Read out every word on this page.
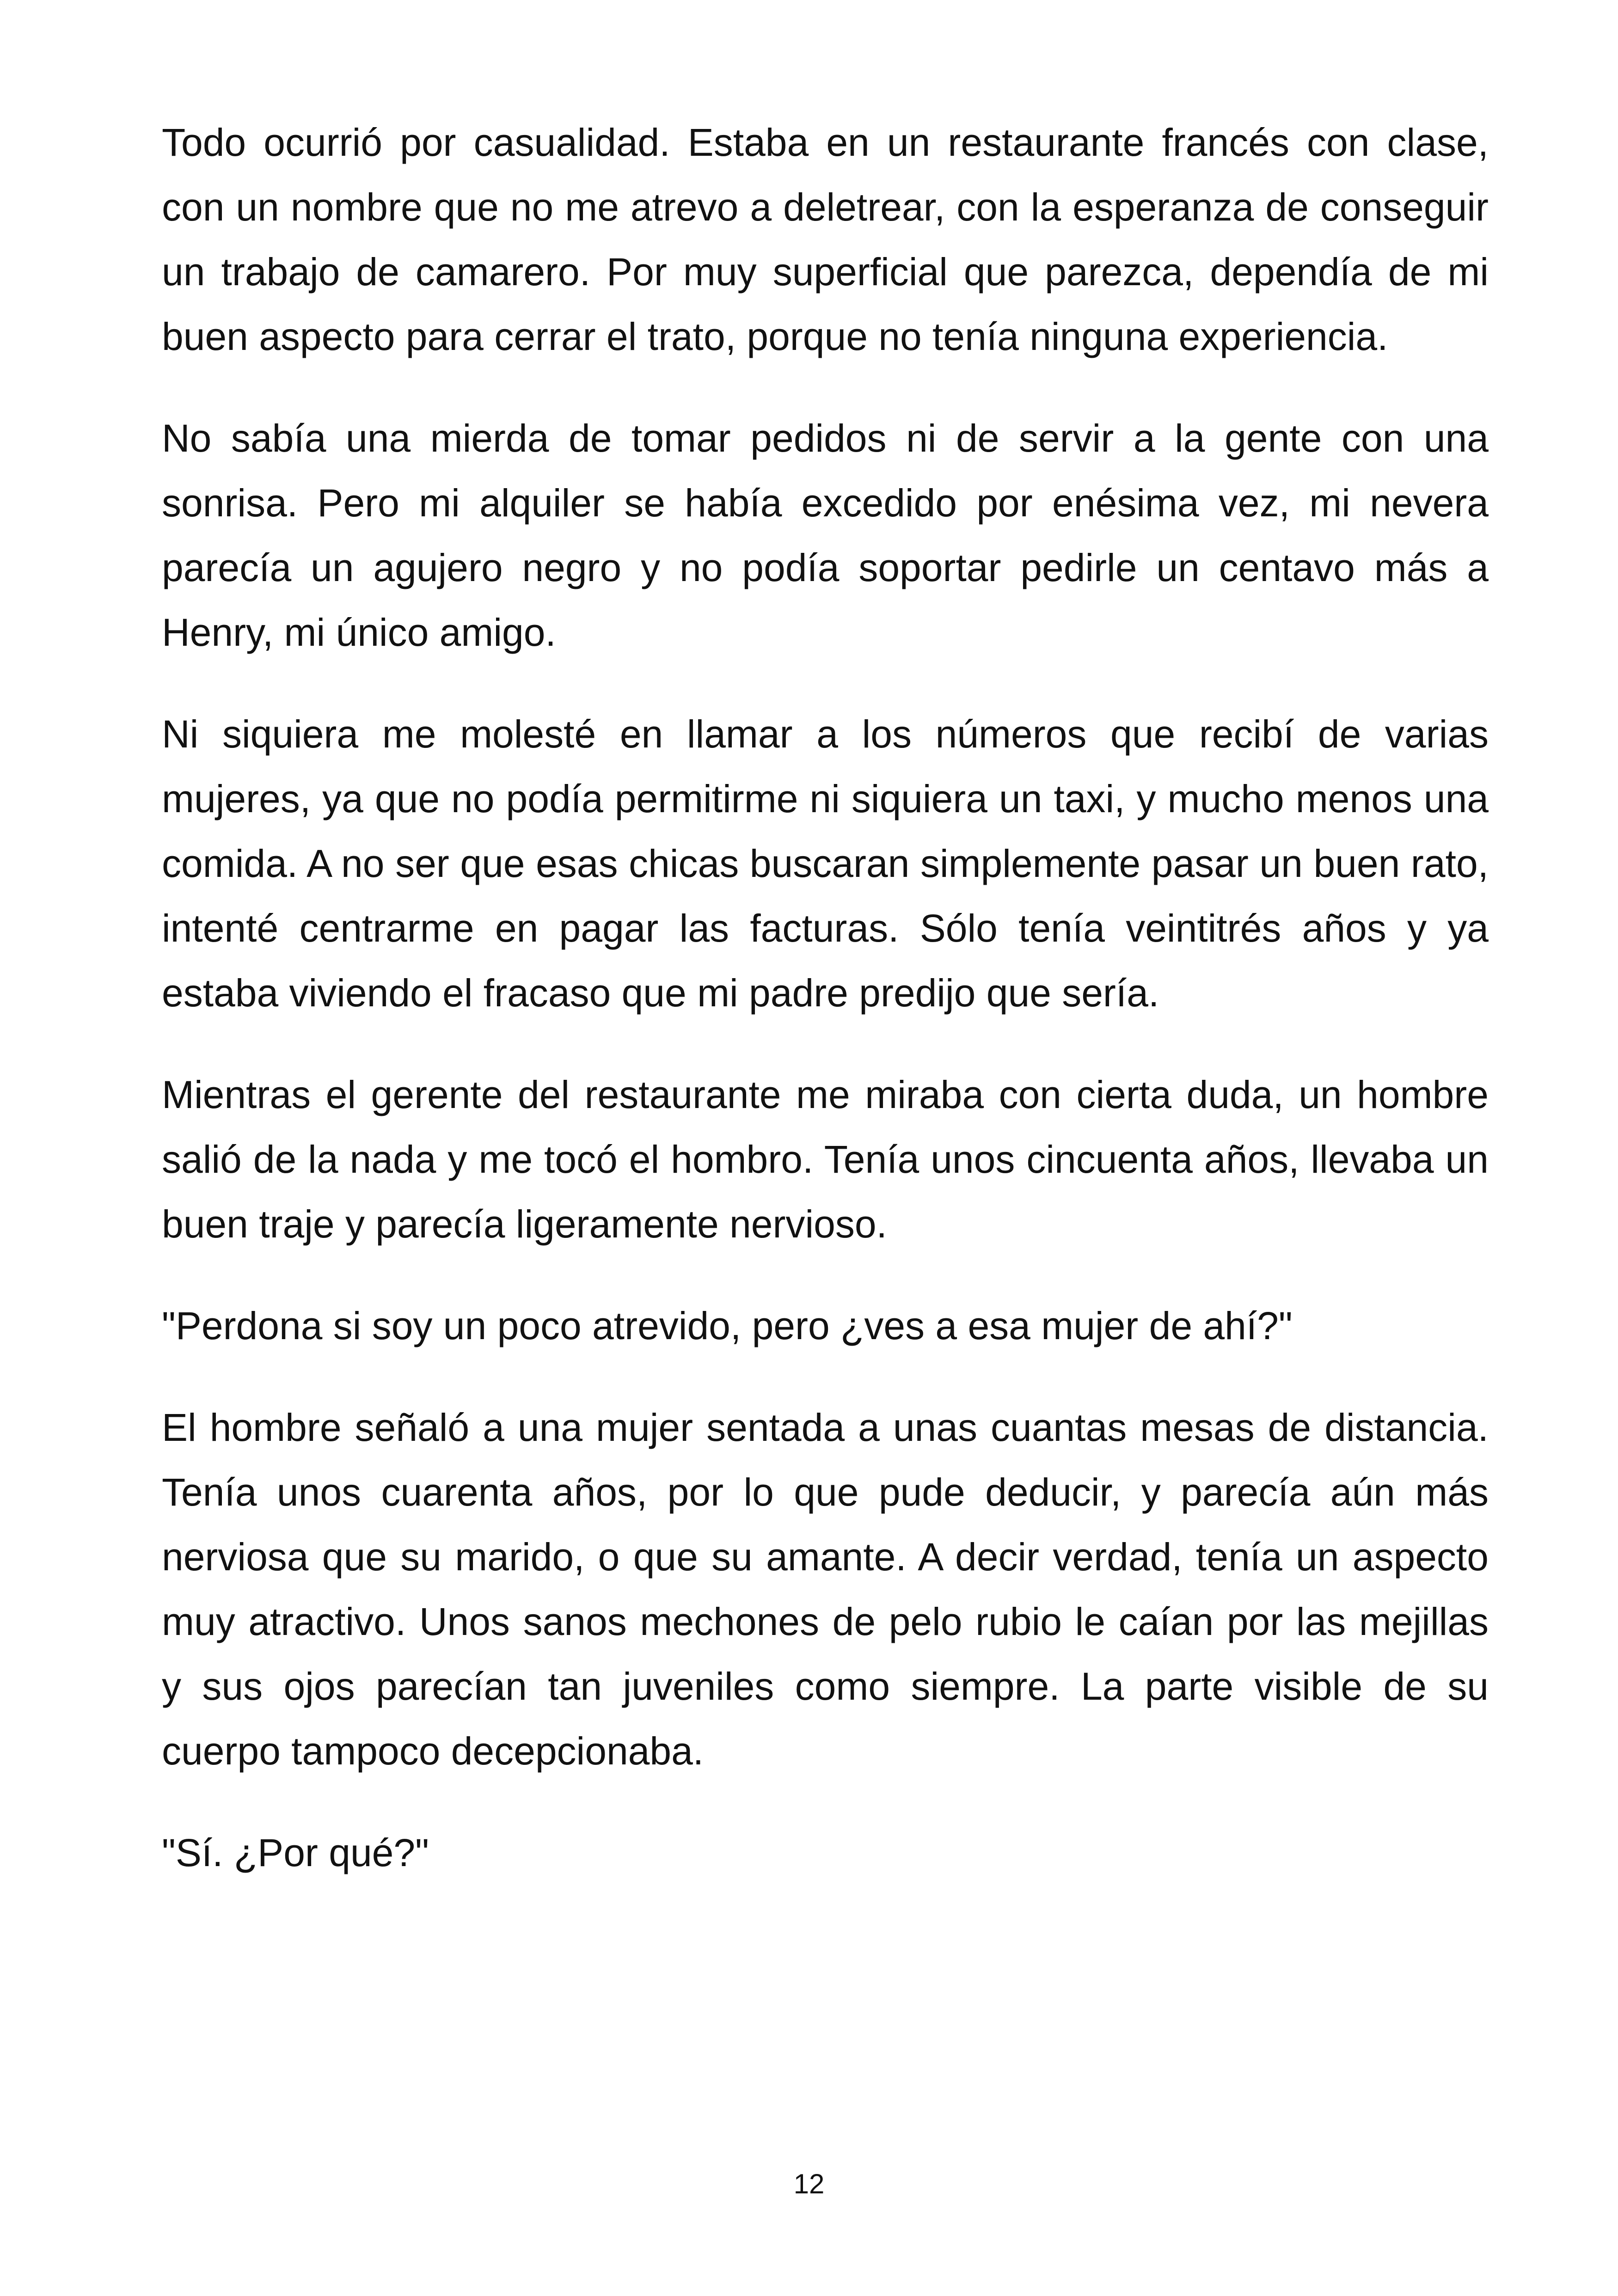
Todo ocurrió por casualidad. Estaba en un restaurante francés con clase, con un nombre que no me atrevo a deletrear, con la esperanza de conseguir un trabajo de camarero. Por muy superficial que parezca, dependía de mi buen aspecto para cerrar el trato, porque no tenía ninguna experiencia.

No sabía una mierda de tomar pedidos ni de servir a la gente con una sonrisa. Pero mi alquiler se había excedido por enésima vez, mi nevera parecía un agujero negro y no podía soportar pedirle un centavo más a Henry, mi único amigo.

Ni siquiera me molesté en llamar a los números que recibí de varias mujeres, ya que no podía permitirme ni siquiera un taxi, y mucho menos una comida. A no ser que esas chicas buscaran simplemente pasar un buen rato, intenté centrarme en pagar las facturas. Sólo tenía veintitrés años y ya estaba viviendo el fracaso que mi padre predijo que sería.

Mientras el gerente del restaurante me miraba con cierta duda, un hombre salió de la nada y me tocó el hombro. Tenía unos cincuenta años, llevaba un buen traje y parecía ligeramente nervioso.

"Perdona si soy un poco atrevido, pero ¿ves a esa mujer de ahí?"

El hombre señaló a una mujer sentada a unas cuantas mesas de distancia. Tenía unos cuarenta años, por lo que pude deducir, y parecía aún más nerviosa que su marido, o que su amante. A decir verdad, tenía un aspecto muy atractivo. Unos sanos mechones de pelo rubio le caían por las mejillas y sus ojos parecían tan juveniles como siempre. La parte visible de su cuerpo tampoco decepcionaba.

"Sí. ¿Por qué?"

12
